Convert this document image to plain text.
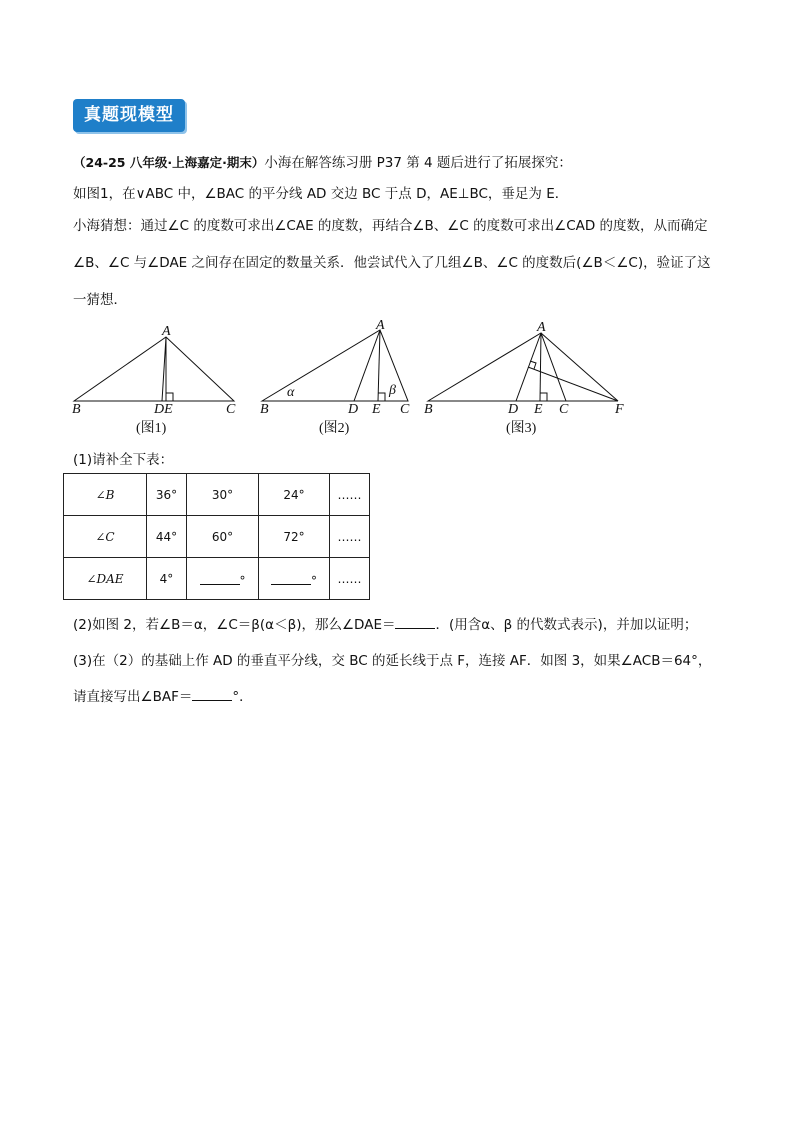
真题现模型
（24-25 八年级·上海嘉定·期末）小海在解答练习册 P37 第 4 题后进行了拓展探究：
如图1，在∨ABC 中，∠BAC 的平分线 AD 交边 BC 于点 D，AE⊥BC，垂足为 E．
小海猜想：通过∠C 的度数可求出∠CAE 的度数，再结合∠B、∠C 的度数可求出∠CAD 的度数，从而确定
∠B、∠C 与∠DAE 之间存在固定的数量关系．他尝试代入了几组∠B、∠C 的度数后(∠B＜∠C)，验证了这
一猜想．
A
B	DE	C
(图1)
A
B	D E C
α	β
(图2)
A
B	D E C	F
(图3)
(1)请补全下表：
∠B	36°	30°	24°	……
∠C	44°	60°	72°	……
∠DAE	4°	°	°	……
(2)如图 2，若∠B＝α，∠C＝β(α＜β)，那么∠DAE＝	．(用含α、β 的代数式表示)，并加以证明；
(3)在（2）的基础上作 AD 的垂直平分线，交 BC 的延长线于点 F，连接 AF．如图 3，如果∠ACB＝64°，
请直接写出∠BAF＝	°．
